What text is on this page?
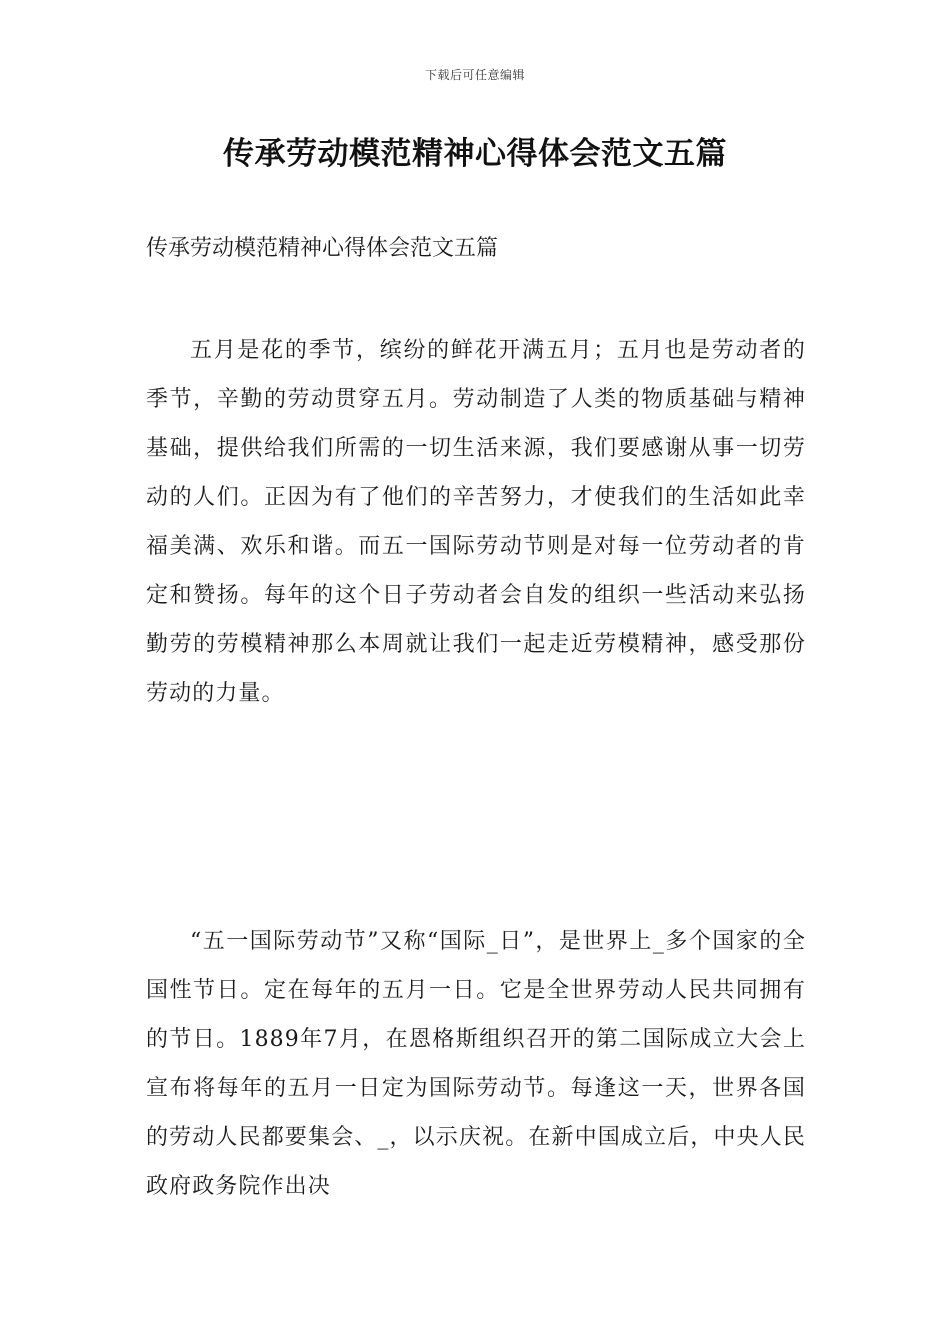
下载后可任意编辑
传承劳动模范精神心得体会范文五篇

传承劳动模范精神心得体会范文五篇

五月是花的季节，缤纷的鲜花开满五月；五月也是劳动者的季节，辛勤的劳动贯穿五月。劳动制造了人类的物质基础与精神基础，提供给我们所需的一切生活来源，我们要感谢从事一切劳动的人们。正因为有了他们的辛苦努力，才使我们的生活如此幸福美满、欢乐和谐。而五一国际劳动节则是对每一位劳动者的肯定和赞扬。每年的这个日子劳动者会自发的组织一些活动来弘扬勤劳的劳模精神那么本周就让我们一起走近劳模精神，感受那份劳动的力量。

“五一国际劳动节”又称“国际_日”，是世界上_多个国家的全国性节日。定在每年的五月一日。它是全世界劳动人民共同拥有的节日。1889年7月，在恩格斯组织召开的第二国际成立大会上宣布将每年的五月一日定为国际劳动节。每逢这一天，世界各国的劳动人民都要集会、_，以示庆祝。在新中国成立后，中央人民政府政务院作出决
